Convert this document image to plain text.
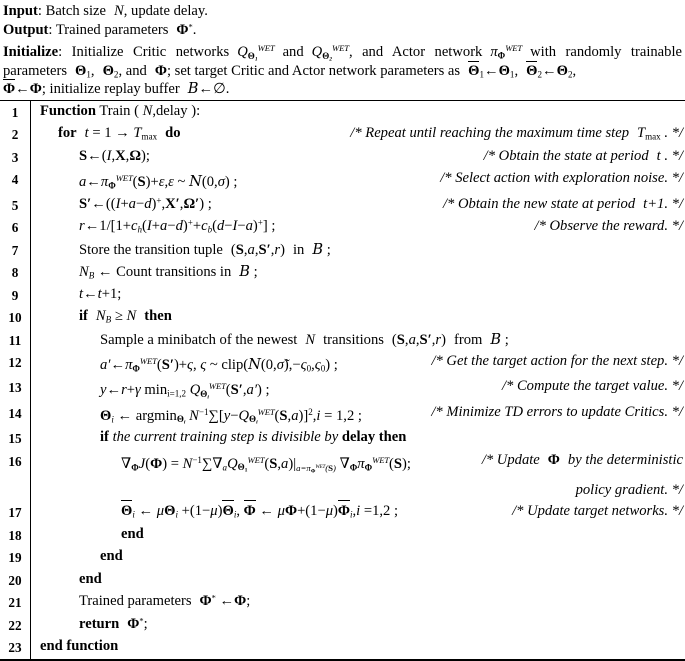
Input: Batch size N, update delay.
Output: Trained parameters Φ*.
Initialize: Initialize Critic networks $Q_{\Theta_1}^{WET}$ and $Q_{\Theta_2}^{WET}$, and Actor network $\pi_\Phi^{WET}$ with randomly trainable parameters $\Theta_1$, $\Theta_2$, and Φ; set target Critic and Actor network parameters as $\Theta_1\leftarrow\Theta_1$, $\Theta_2\leftarrow\Theta_2$,
Φ←Φ; initialize replay buffer B←∅.
1	Function Train ( N,delay ):
2	for $t = 1 \to T_{max}$ do	/* Repeat until reaching the maximum time step $T_{max}$ . */
3	S←(I,X,Ω);	/* Obtain the state at period t . */
4	$a\leftarrow\pi_\Phi^{WET}(S)+\varepsilon,\varepsilon$ ~ N(0,σ) ;	/* Select action with exploration noise. */
5	S′←((I+a−d)+,X′,Ω′) ;	/* Obtain the new state at period t+1. */
6	$r\leftarrow 1/[1+c_h(I+a-d)^++c_b(d-I-a)^+]$ ;	/* Observe the reward. */
7	Store the transition tuple (S,a,S′,r) in B ;
8	$N_B$ ← Count transitions in B ;
9	t←t+1;
10	if $N_B \ge N$ then
11	Sample a minibatch of the newest N transitions (S,a,S′,r) from B ;
12	$a'\leftarrow\pi_\Phi^{WET}(S')+\varsigma$, ς ~ $clip(N(0,\sigmã),-\varsigma_0,\varsigma_0)$ ;	/* Get the target action for the next step. */
13	y←r+γ $\min_{i=1,2} Q_{\Theta_i}^{WET}(S',a')$ ;	/* Compute the target value. */
14	$\Theta_i$ ← argmin$_{\Theta_i}$ $N^{-1}\sum[y-Q_{\Theta_i}^{WET}(S,a)]^2,i = 1,2$ ;	/* Minimize TD errors to update Critics. */
15	if the current training step is divisible by delay then
16	$\nabla_\Phi J(\Phi) = N^{-1}\sum\nabla_aQ_{\Theta_1}^{WET}(S,a)|_{a=\pi_\Phi^{WET}(S)}$ $\nabla_\Phi\pi_\Phi^{WET}(S)$;	/* Update Φ by the deterministic
policy gradient. */
17	$\Theta_i$ ← $\mu\Theta_i +(1-\mu)\Theta_i$, Φ ← $\mu\Phi+(1-\mu)\Phi_i,i =1,2$ ;	/* Update target networks. */
18	end
19	end
20	end
21	Trained parameters Φ* ←Φ;
22	return Φ*;
23	end function
